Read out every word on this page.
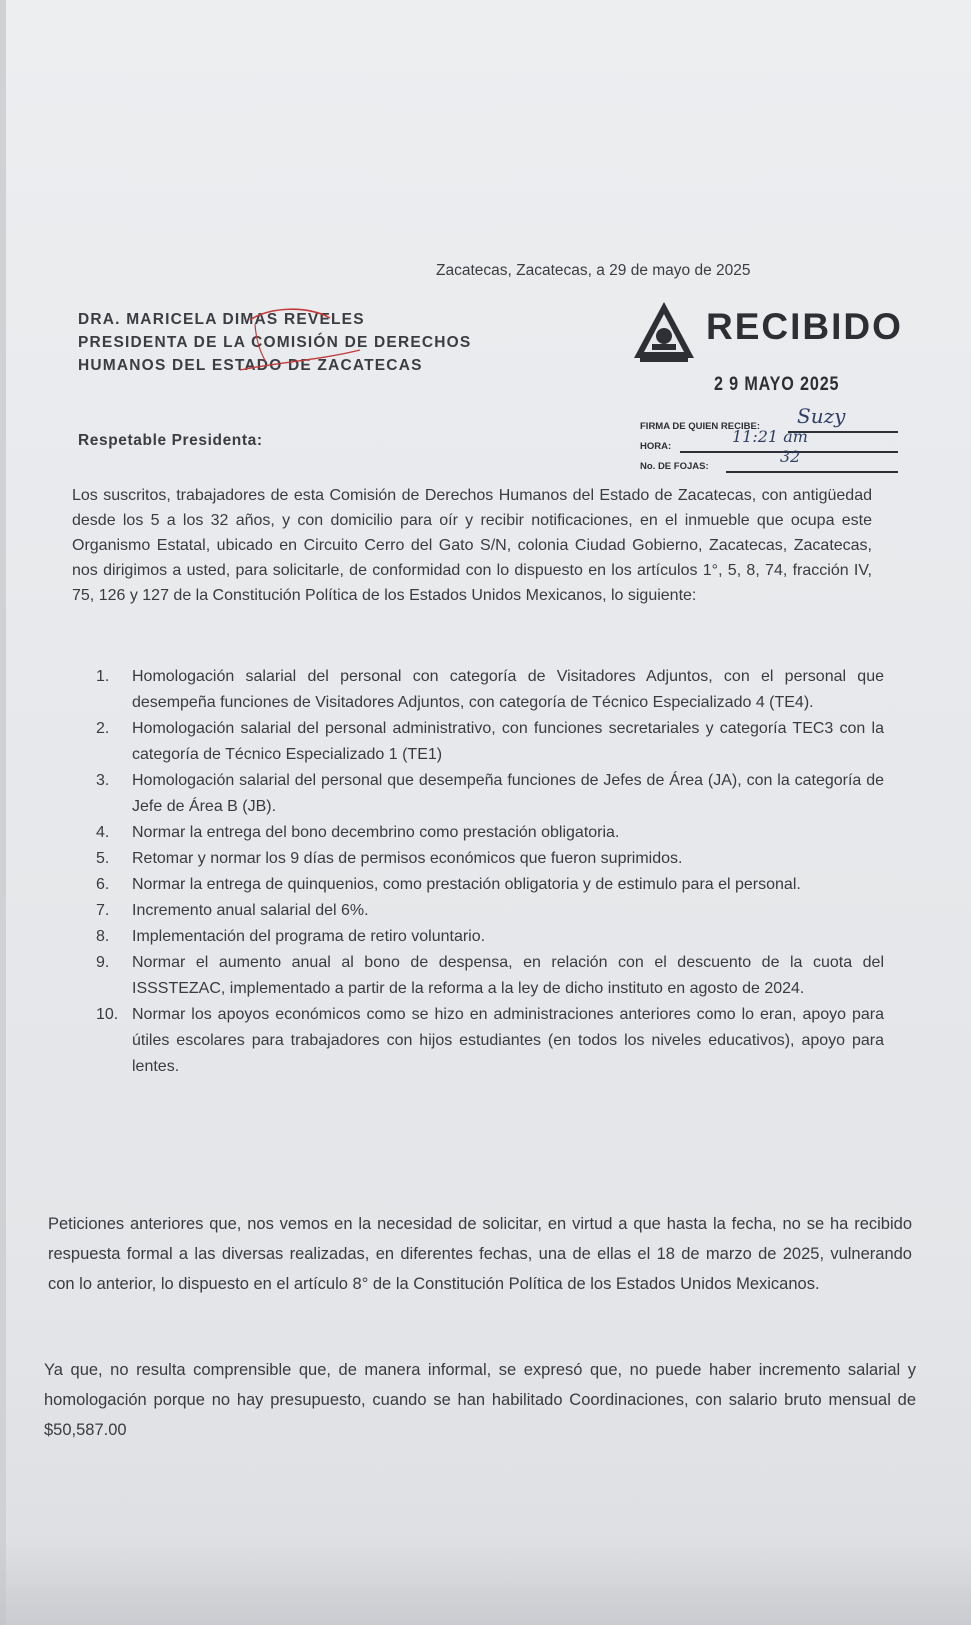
Zacatecas, Zacatecas, a 29 de mayo de 2025
DRA. MARICELA DIMAS REVELES
PRESIDENTA DE LA COMISIÓN DE DERECHOS
HUMANOS DEL ESTADO DE ZACATECAS
RECIBIDO
2 9 MAYO 2025
FIRMA DE QUIEN RECIBE: Suzy
HORA:
11:21 am
No. DE FOJAS:
32
Respetable Presidenta:
Los suscritos, trabajadores de esta Comisión de Derechos Humanos del Estado de Zacatecas, con antigüedad desde los 5 a los 32 años, y con domicilio para oír y recibir notificaciones, en el inmueble que ocupa este Organismo Estatal, ubicado en Circuito Cerro del Gato S/N, colonia Ciudad Gobierno, Zacatecas, Zacatecas, nos dirigimos a usted, para solicitarle, de conformidad con lo dispuesto en los artículos 1°, 5, 8, 74, fracción IV, 75, 126 y 127 de la Constitución Política de los Estados Unidos Mexicanos, lo siguiente:
1. Homologación salarial del personal con categoría de Visitadores Adjuntos, con el personal que desempeña funciones de Visitadores Adjuntos, con categoría de Técnico Especializado 4 (TE4).
2. Homologación salarial del personal administrativo, con funciones secretariales y categoría TEC3 con la categoría de Técnico Especializado 1 (TE1)
3. Homologación salarial del personal que desempeña funciones de Jefes de Área (JA), con la categoría de Jefe de Área B (JB).
4. Normar la entrega del bono decembrino como prestación obligatoria.
5. Retomar y normar los 9 días de permisos económicos que fueron suprimidos.
6. Normar la entrega de quinquenios, como prestación obligatoria y de estimulo para el personal.
7. Incremento anual salarial del 6%.
8. Implementación del programa de retiro voluntario.
9. Normar el aumento anual al bono de despensa, en relación con el descuento de la cuota del ISSSTEZAC, implementado a partir de la reforma a la ley de dicho instituto en agosto de 2024.
10. Normar los apoyos económicos como se hizo en administraciones anteriores como lo eran, apoyo para útiles escolares para trabajadores con hijos estudiantes (en todos los niveles educativos), apoyo para lentes.
Peticiones anteriores que, nos vemos en la necesidad de solicitar, en virtud a que hasta la fecha, no se ha recibido respuesta formal a las diversas realizadas, en diferentes fechas, una de ellas el 18 de marzo de 2025, vulnerando con lo anterior, lo dispuesto en el artículo 8° de la Constitución Política de los Estados Unidos Mexicanos.
Ya que, no resulta comprensible que, de manera informal, se expresó que, no puede haber incremento salarial y homologación porque no hay presupuesto, cuando se han habilitado Coordinaciones, con salario bruto mensual de $50,587.00
